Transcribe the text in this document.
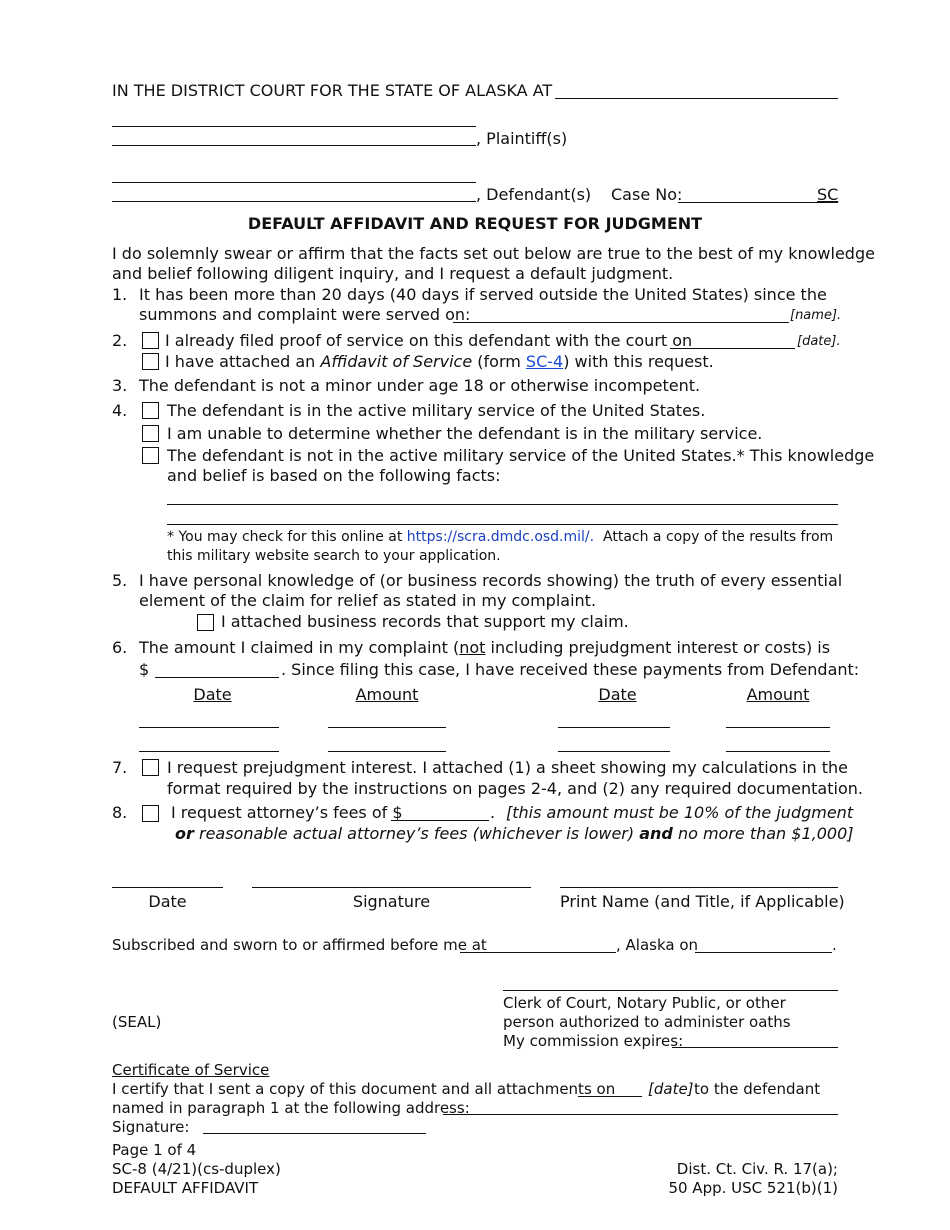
IN THE DISTRICT COURT FOR THE STATE OF ALASKA AT
, Plaintiff(s)
, Defendant(s) Case No:	SC
DEFAULT AFFIDAVIT AND REQUEST FOR JUDGMENT
I do solemnly swear or affirm that the facts set out below are true to the best of my knowledge
and belief following diligent inquiry, and I request a default judgment.
1. It has been more than 20 days (40 days if served outside the United States) since the
summons and complaint were served on:	[name].
2. I already filed proof of service on this defendant with the court on	[date].
I have attached an Affidavit of Service (form SC-4) with this request.
3. The defendant is not a minor under age 18 or otherwise incompetent.
4. The defendant is in the active military service of the United States.
I am unable to determine whether the defendant is in the military service.
The defendant is not in the active military service of the United States.* This knowledge
and belief is based on the following facts:
* You may check for this online at https://scra.dmdc.osd.mil/. Attach a copy of the results from
this military website search to your application.
5. I have personal knowledge of (or business records showing) the truth of every essential
element of the claim for relief as stated in my complaint.
I attached business records that support my claim.
6. The amount I claimed in my complaint (not including prejudgment interest or costs) is
$	. Since filing this case, I have received these payments from Defendant:
Date	Amount	Date	Amount
7. I request prejudgment interest. I attached (1) a sheet showing my calculations in the
format required by the instructions on pages 2-4, and (2) any required documentation.
8.	I request attorney’s fees of $	. [this amount must be 10% of the judgment
or reasonable actual attorney’s fees (whichever is lower) and no more than $1,000]
Date	Signature	Print Name (and Title, if Applicable)
Subscribed and sworn to or affirmed before me at	, Alaska on	.
Clerk of Court, Notary Public, or other
(SEAL)	person authorized to administer oaths
My commission expires:
Certificate of Service
I certify that I sent a copy of this document and all attachments on [date] to the defendant
named in paragraph 1 at the following address:
Signature:
Page 1 of 4
SC-8 (4/21)(cs-duplex)
DEFAULT AFFIDAVIT
Dist. Ct. Civ. R. 17(a);
50 App. USC 521(b)(1)
